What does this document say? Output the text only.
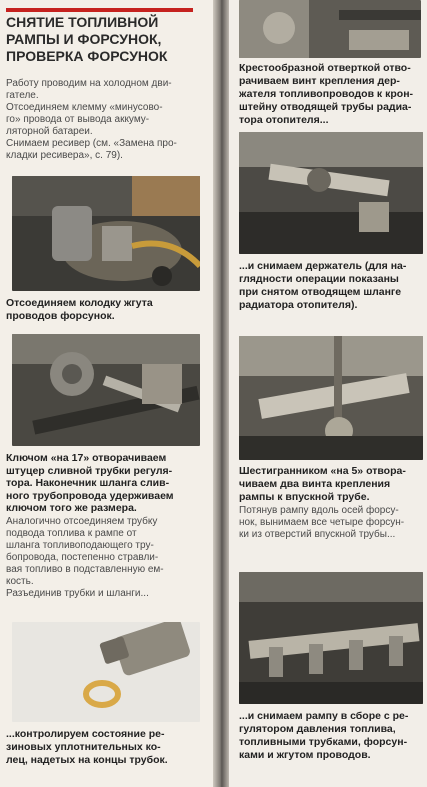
СНЯТИЕ ТОПЛИВНОЙ
РАМПЫ И ФОРСУНОК,
ПРОВЕРКА ФОРСУНОК
Работу проводим на холодном дви-
гателе.
Отсоединяем клемму «минусово-
го» провода от вывода аккуму-
ляторной батареи.
Снимаем ресивер (см. «Замена про-
кладки ресивера», с. 79).
Отсоединяем колодку жгута
проводов форсунок.
Ключом «на 17» отворачиваем
штуцер сливной трубки регуля-
тора. Наконечник шланга слив-
ного трубопровода удерживаем
ключом того же размера.
Аналогично отсоединяем трубку
подвода топлива к рампе от
шланга топливоподающего тру-
бопровода, постепенно стравли-
вая топливо в подставленную ем-
кость.
Разъединив трубки и шланги...
...контролируем состояние ре-
зиновых уплотнительных ко-
лец, надетых на концы трубок.
Крестообразной отверткой отво-
рачиваем винт крепления дер-
жателя топливопроводов к крон-
штейну отводящей трубы радиа-
тора отопителя...
...и снимаем держатель (для на-
глядности операции показаны
при снятом отводящем шланге
радиатора отопителя).
Шестигранником «на 5» отвора-
чиваем два винта крепления
рампы к впускной трубе.
Потянув рампу вдоль осей форсу-
нок, вынимаем все четыре форсун-
ки из отверстий впускной трубы...
...и снимаем рампу в сборе с ре-
гулятором давления топлива,
топливными трубками, форсун-
ками и жгутом проводов.
